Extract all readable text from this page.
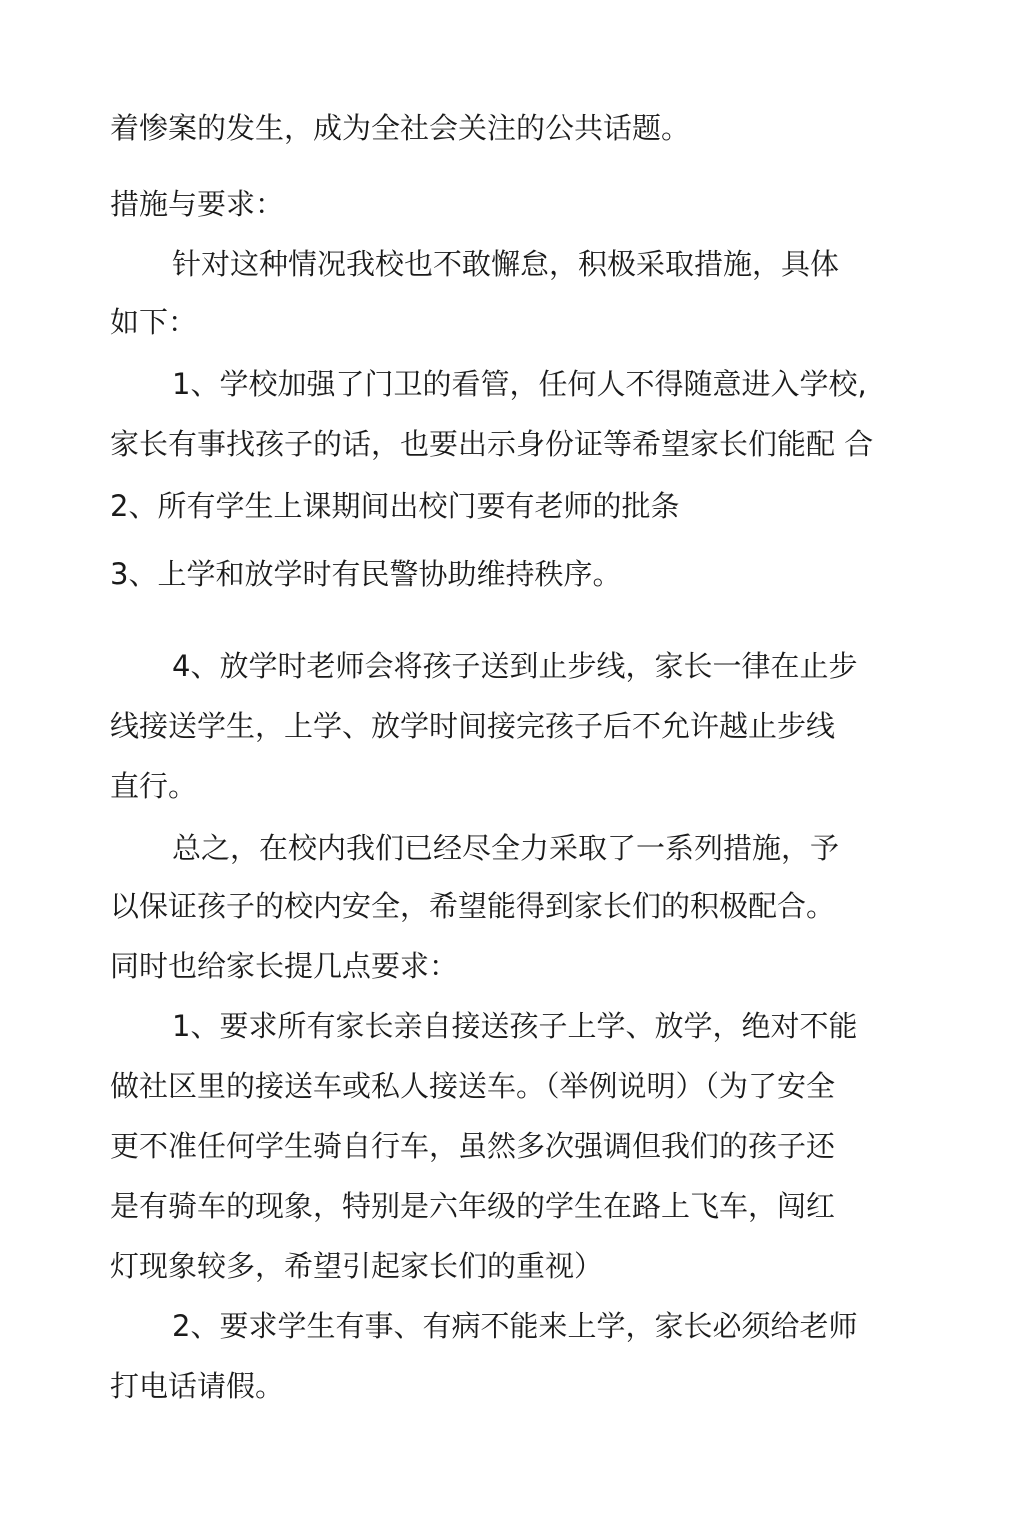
着惨案的发生，成为全社会关注的公共话题。
措施与要求：
针对这种情况我校也不敢懈怠，积极采取措施，具体
如下：
1、学校加强了门卫的看管，任何人不得随意进入学校,
家长有事找孩子的话，也要出示身份证等希望家长们能配 合
2、所有学生上课期间出校门要有老师的批条
3、上学和放学时有民警协助维持秩序。
4、放学时老师会将孩子送到止步线，家长一律在止步
线接送学生，上学、放学时间接完孩子后不允许越止步线
直行。
总之，在校内我们已经尽全力采取了一系列措施，予
以保证孩子的校内安全，希望能得到家长们的积极配合。
同时也给家长提几点要求：
1、要求所有家长亲自接送孩子上学、放学，绝对不能
做社区里的接送车或私人接送车。（举例说明）（为了安全
更不准任何学生骑自行车，虽然多次强调但我们的孩子还
是有骑车的现象，特别是六年级的学生在路上飞车，闯红
灯现象较多，希望引起家长们的重视）
2、要求学生有事、有病不能来上学，家长必须给老师
打电话请假。
